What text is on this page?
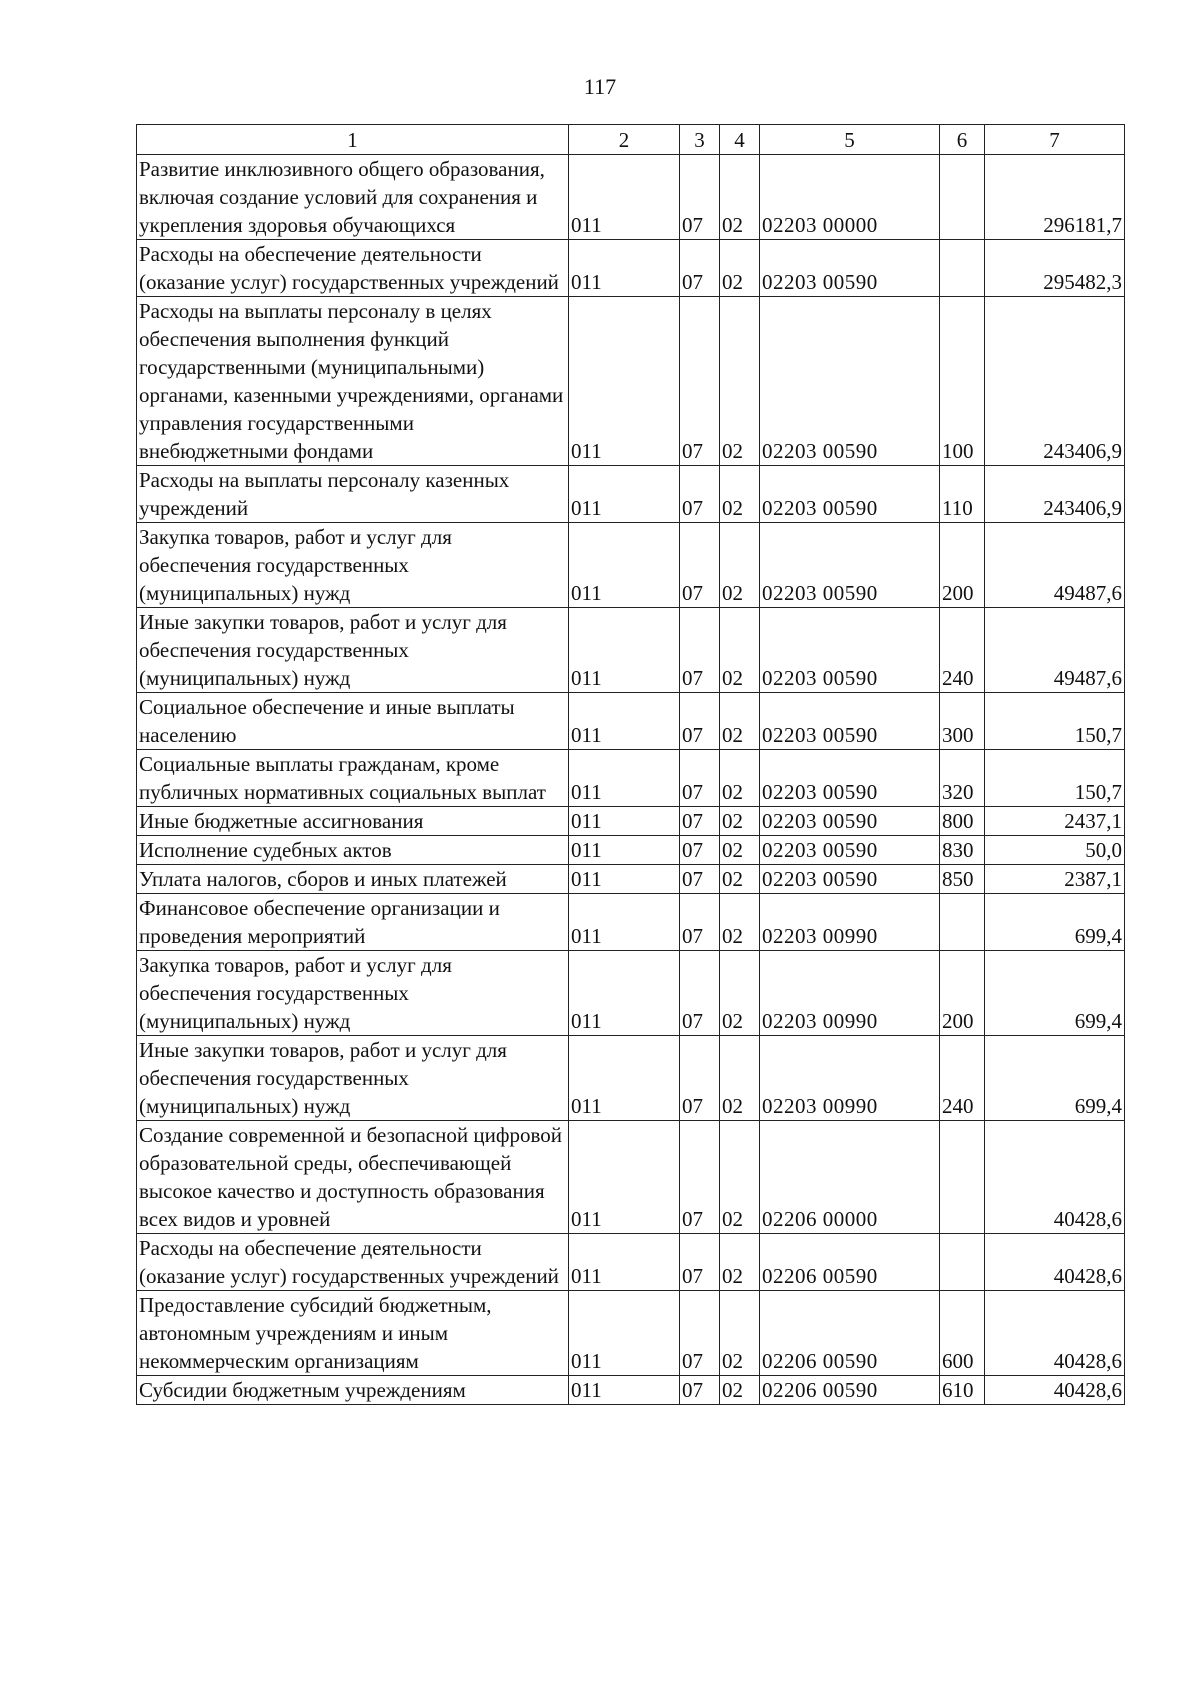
117
1	2	3	4	5	6	7
Развитие инклюзивного общего образования, включая создание условий для сохранения и укрепления здоровья обучающихся	011	07	02	02203 00000		296181,7
Расходы на обеспечение деятельности (оказание услуг) государственных учреждений	011	07	02	02203 00590		295482,3
Расходы на выплаты персоналу в целях обеспечения выполнения функций государственными (муниципальными) органами, казенными учреждениями, органами управления государственными внебюджетными фондами	011	07	02	02203 00590	100	243406,9
Расходы на выплаты персоналу казенных учреждений	011	07	02	02203 00590	110	243406,9
Закупка товаров, работ и услуг для обеспечения государственных (муниципальных) нужд	011	07	02	02203 00590	200	49487,6
Иные закупки товаров, работ и услуг для обеспечения государственных (муниципальных) нужд	011	07	02	02203 00590	240	49487,6
Социальное обеспечение и иные выплаты населению	011	07	02	02203 00590	300	150,7
Социальные выплаты гражданам, кроме публичных нормативных социальных выплат	011	07	02	02203 00590	320	150,7
Иные бюджетные ассигнования	011	07	02	02203 00590	800	2437,1
Исполнение судебных актов	011	07	02	02203 00590	830	50,0
Уплата налогов, сборов и иных платежей	011	07	02	02203 00590	850	2387,1
Финансовое обеспечение организации и проведения мероприятий	011	07	02	02203 00990		699,4
Закупка товаров, работ и услуг для обеспечения государственных (муниципальных) нужд	011	07	02	02203 00990	200	699,4
Иные закупки товаров, работ и услуг для обеспечения государственных (муниципальных) нужд	011	07	02	02203 00990	240	699,4
Создание современной и безопасной цифровой образовательной среды, обеспечивающей высокое качество и доступность образования всех видов и уровней	011	07	02	02206 00000		40428,6
Расходы на обеспечение деятельности (оказание услуг) государственных учреждений	011	07	02	02206 00590		40428,6
Предоставление субсидий бюджетным, автономным учреждениям и иным некоммерческим организациям	011	07	02	02206 00590	600	40428,6
Субсидии бюджетным учреждениям	011	07	02	02206 00590	610	40428,6
